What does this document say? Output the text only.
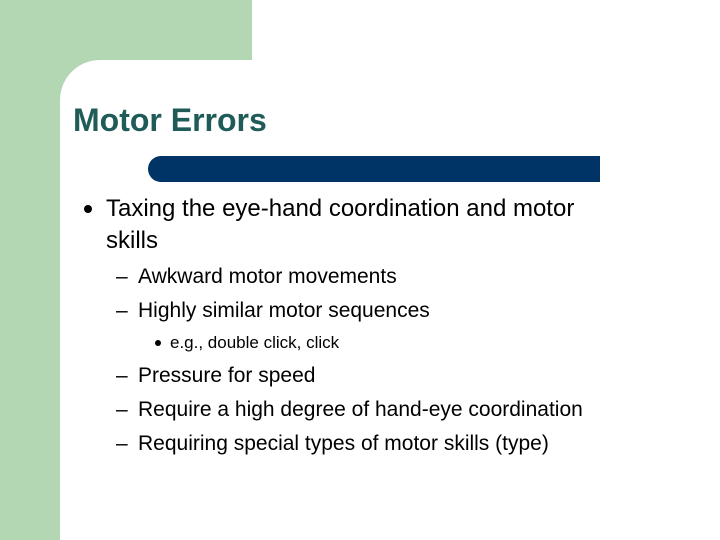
Motor Errors
Taxing the eye-hand coordination and motor
skills
– Awkward motor movements
– Highly similar motor sequences
e.g., double click, click
– Pressure for speed
– Require a high degree of hand-eye coordination
– Requiring special types of motor skills (type)
